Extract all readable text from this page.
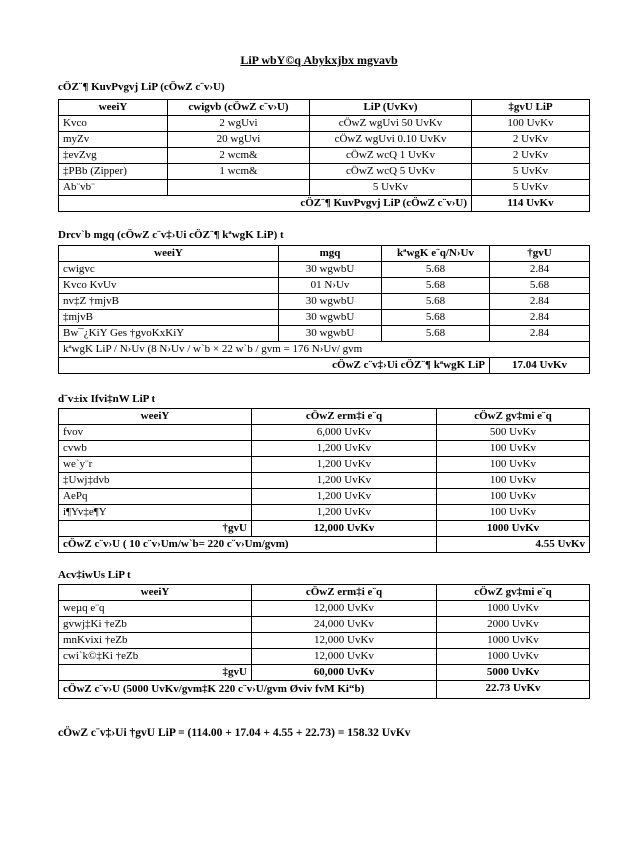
LiP wbY©q Abykxjbx mgvavb
cÖZ¨¶ KuvPvgvj LiP (cÖwZ c¨v›U)
weeiY	cwigvb (cÖwZ c¨v›U)	LiP (UvKv)	‡gvU LiP
Kvco	2 wgUvi	cÖwZ wgUvi 50 UvKv	100 UvKv
myZv	20 wgUvi	cÖwZ wgUvi 0.10 UvKv	2 UvKv
‡evZvg	2 wcm&	cÖwZ wcQ 1 UvKv	2 UvKv
‡PBb (Zipper)	1 wcm&	cÖwZ wcQ 5 UvKv	5 UvKv
Ab¨vb¨		5 UvKv	5 UvKv
cÖZ¨¶ KuvPvgvj LiP (cÖwZ c¨v›U)			114 UvKv
Drcv`b mgq (cÖwZ c¨v‡›Ui cÖZ¨¶ kªwgK LiP) t
weeiY	mgq	kªwgK e¨q/N›Uv	†gvU
cwigvc	30 wgwbU	5.68	2.84
Kvco KvUv	01 N›Uv	5.68	5.68
nv‡Z †mjvB	30 wgwbU	5.68	2.84
‡mjvB	30 wgwbU	5.68	2.84
Bw¯¿KiY Ges †gvoKxKiY	30 wgwbU	5.68	2.84
kªwgK LiP / N›Uv (8 N›Uv / w`b × 22 w`b / gvm = 176 N›Uv/ gvm			
cÖwZ c¨v‡›Ui cÖZ¨¶ kªwgK LiP			17.04 UvKv
d¨v±ix Ifvi‡nW LiP t
weeiY	cÖwZ erm‡i e¨q	cÖwZ gv‡mi e¨q
fvov	6,000 UvKv	500 UvKv
cvwb	1,200 UvKv	100 UvKv
we`y¨r	1,200 UvKv	100 UvKv
‡Uwj‡dvb	1,200 UvKv	100 UvKv
AePq	1,200 UvKv	100 UvKv
i¶Yv‡e¶Y	1,200 UvKv	100 UvKv
†gvU	12,000 UvKv	1000 UvKv
cÖwZ c¨v›U ( 10 c¨v›Um/w`b= 220 c¨v›Um/gvm)		4.55 UvKv
Acv‡iwUs LiP t
weeiY	cÖwZ erm‡i e¨q	cÖwZ gv‡mi e¨q
weµq e¨q	12,000 UvKv	1000 UvKv
gvwj‡Ki †eZb	24,000 UvKv	2000 UvKv
mnKvixi †eZb	12,000 UvKv	1000 UvKv
cwi`k©‡Ki †eZb	12,000 UvKv	1000 UvKv
‡gvU	60,000 UvKv	5000 UvKv
cÖwZ c¨v›U (5000 UvKv/gvm‡K 220 c¨v›U/gvm Øviv fvM Ki“b)		22.73 UvKv
cÖwZ c¨v‡›Ui †gvU LiP = (114.00 + 17.04 + 4.55 + 22.73) = 158.32 UvKv
